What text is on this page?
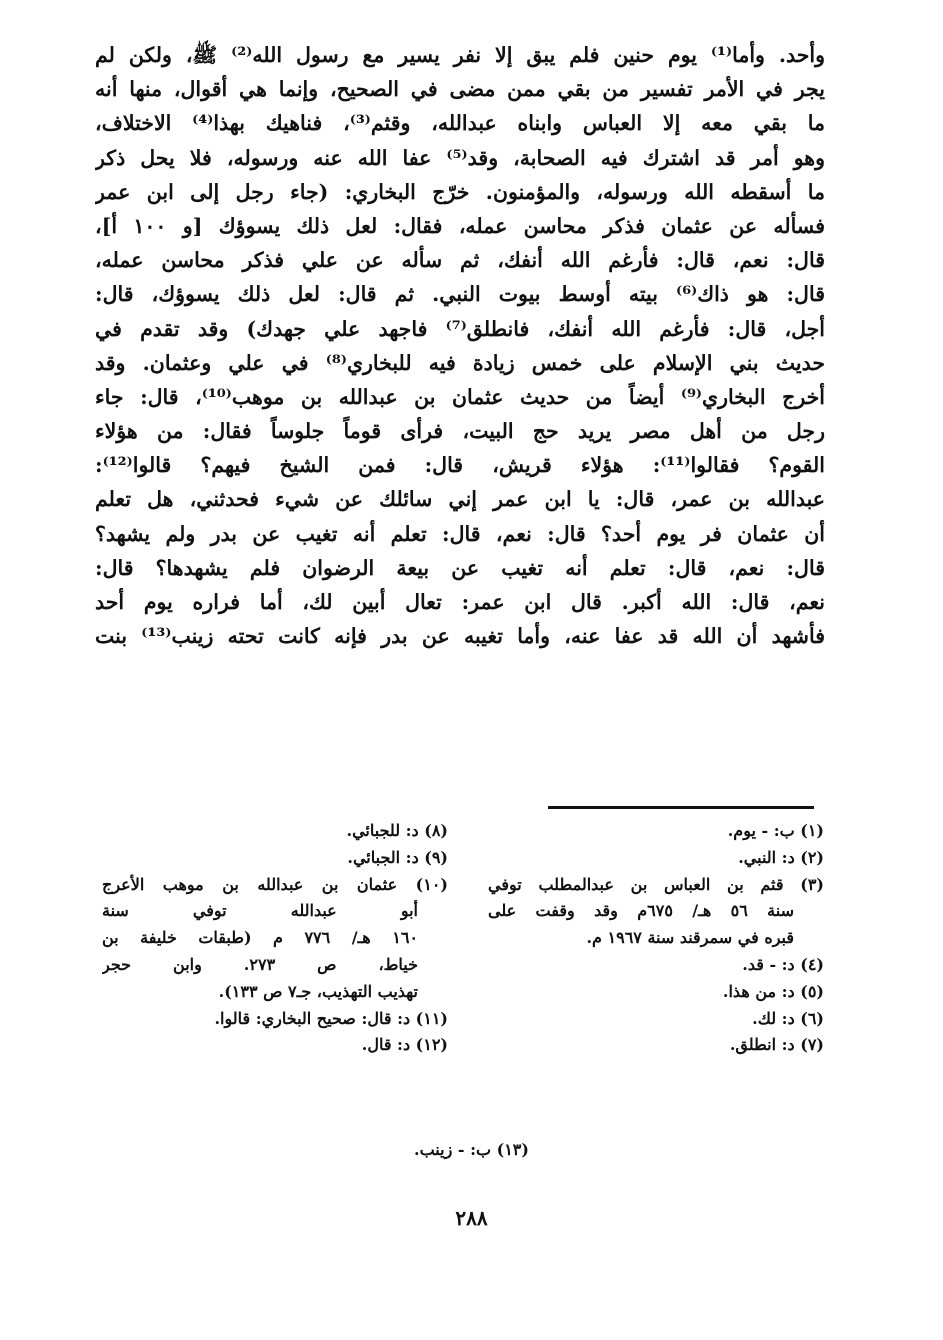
وأحد. وأما⁽¹⁾ يوم حنين فلم يبق إلا نفر يسير مع رسول الله⁽²⁾ ﷺ، ولكن لم
يجر في الأمر تفسير من بقي ممن مضى في الصحيح، وإنما هي أقوال، منها أنه
ما بقي معه إلا العباس وابناه عبدالله، وقثم⁽³⁾، فناهيك بهذا⁽⁴⁾ الاختلاف،
وهو أمر قد اشترك فيه الصحابة، وقد⁽⁵⁾ عفا الله عنه ورسوله، فلا يحل ذكر
ما أسقطه الله ورسوله، والمؤمنون. خرّج البخاري: (جاء رجل إلى ابن عمر
فسأله عن عثمان فذكر محاسن عمله، فقال: لعل ذلك يسوؤك [و ١٠٠ أ]،
قال: نعم، قال: فأرغم الله أنفك، ثم سأله عن علي فذكر محاسن عمله،
قال: هو ذاك⁽⁶⁾ بيته أوسط بيوت النبي. ثم قال: لعل ذلك يسوؤك، قال:
أجل، قال: فأرغم الله أنفك، فانطلق⁽⁷⁾ فاجهد علي جهدك) وقد تقدم في
حديث بني الإسلام على خمس زيادة فيه للبخاري⁽⁸⁾ في علي وعثمان. وقد
أخرج البخاري⁽⁹⁾ أيضاً من حديث عثمان بن عبدالله بن موهب⁽¹⁰⁾، قال: جاء
رجل من أهل مصر يريد حج البيت، فرأى قوماً جلوساً فقال: من هؤلاء
القوم؟ فقالوا⁽¹¹⁾: هؤلاء قريش، قال: فمن الشيخ فيهم؟ قالوا⁽¹²⁾:
عبدالله بن عمر، قال: يا ابن عمر إني سائلك عن شيء فحدثني، هل تعلم
أن عثمان فر يوم أحد؟ قال: نعم، قال: تعلم أنه تغيب عن بدر ولم يشهد؟
قال: نعم، قال: تعلم أنه تغيب عن بيعة الرضوان فلم يشهدها؟ قال:
نعم، قال: الله أكبر. قال ابن عمر: تعال أبين لك، أما فراره يوم أحد
فأشهد أن الله قد عفا عنه، وأما تغيبه عن بدر فإنه كانت تحته زينب⁽¹³⁾ بنت
(١) ب: - يوم.
(٢) د: النبي.
(٣) قثم بن العباس بن عبدالمطلب توفي
سنة ٥٦ هـ/ ٦٧٥م وقد وقفت على
قبره في سمرقند سنة ١٩٦٧ م.
(٤) د: - قد.
(٥) د: من هذا.
(٦) د: لك.
(٧) د: انطلق.
(٨) د: للجبائي.
(٩) د: الجبائي.
(١٠) عثمان بن عبدالله بن موهب الأعرج
أبو عبدالله توفي سنة
١٦٠ هـ/ ٧٧٦ م (طبقات خليفة بن
خياط، ص ٢٧٣. وابن حجر
تهذيب التهذيب، جـ٧ ص ١٣٣).
(١١) د: قال: صحيح البخاري: قالوا.
(١٢) د: قال.
(١٣) ب: - زينب.
٢٨٨
